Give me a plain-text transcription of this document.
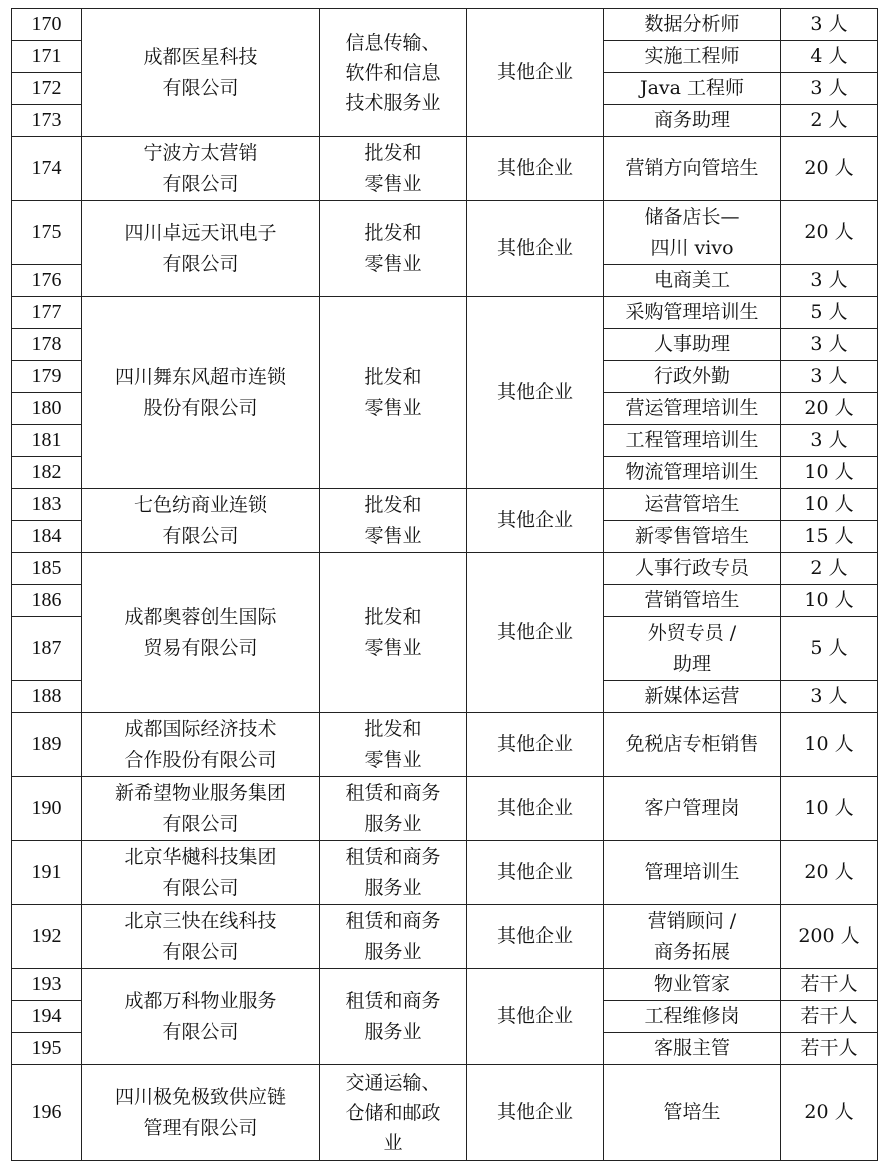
170	成都医星科技
有限公司	信息传输、
软件和信息
技术服务业	其他企业	数据分析师	3 人
171				实施工程师	4 人
172				Java 工程师	3 人
173				商务助理	2 人
174	宁波方太营销
有限公司	批发和
零售业	其他企业	营销方向管培生	20 人
175	四川卓远天讯电子
有限公司	批发和
零售业	其他企业	储备店长—
四川 vivo	20 人
176				电商美工	3 人
177	四川舞东风超市连锁
股份有限公司	批发和
零售业	其他企业	采购管理培训生	5 人
178				人事助理	3 人
179				行政外勤	3 人
180				营运管理培训生	20 人
181				工程管理培训生	3 人
182				物流管理培训生	10 人
183	七色纺商业连锁
有限公司	批发和
零售业	其他企业	运营管培生	10 人
184				新零售管培生	15 人
185	成都奥蓉创生国际
贸易有限公司	批发和
零售业	其他企业	人事行政专员	2 人
186				营销管培生	10 人
187				外贸专员 /
助理	5 人
188				新媒体运营	3 人
189	成都国际经济技术
合作股份有限公司	批发和
零售业	其他企业	免税店专柜销售	10 人
190	新希望物业服务集团
有限公司	租赁和商务
服务业	其他企业	客户管理岗	10 人
191	北京华樾科技集团
有限公司	租赁和商务
服务业	其他企业	管理培训生	20 人
192	北京三快在线科技
有限公司	租赁和商务
服务业	其他企业	营销顾问 /
商务拓展	200 人
193	成都万科物业服务
有限公司	租赁和商务
服务业	其他企业	物业管家	若干人
194				工程维修岗	若干人
195				客服主管	若干人
196	四川极免极致供应链
管理有限公司	交通运输、
仓储和邮政
业	其他企业	管培生	20 人
